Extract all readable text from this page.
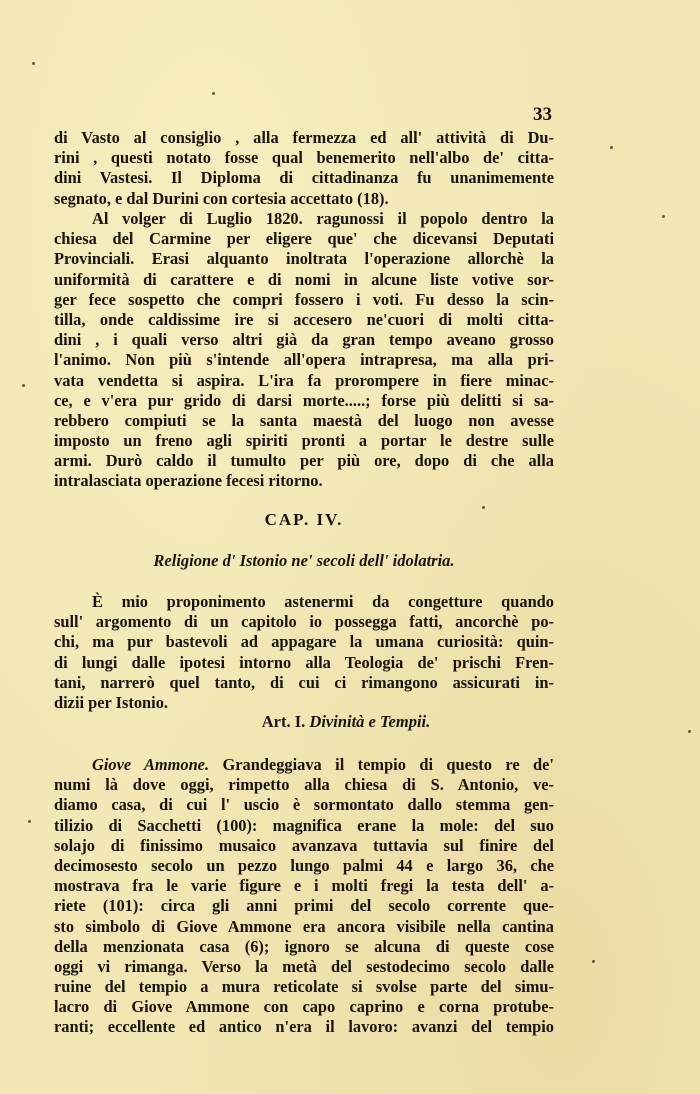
33
di Vasto al consiglio , alla fermezza ed all' attività di Du-
rini , questi notato fosse qual benemerito nell'albo de' citta-
dini Vastesi. Il Diploma di cittadinanza fu unanimemente
segnato, e dal Durini con cortesia accettato (18).
Al volger di Luglio 1820. ragunossi il popolo dentro la
chiesa del Carmine per eligere que' che dicevansi Deputati
Provinciali. Erasi alquanto inoltrata l'operazione allorchè la
uniformità di carattere e di nomi in alcune liste votive sor-
ger fece sospetto che compri fossero i voti. Fu desso la scin-
tilla, onde caldissime ire si accesero ne'cuori di molti citta-
dini , i quali verso altri già da gran tempo aveano grosso
l'animo. Non più s'intende all'opera intrapresa, ma alla pri-
vata vendetta si aspira. L'ira fa prorompere in fiere minac-
ce, e v'era pur grido di darsi morte.....; forse più delitti si sa-
rebbero compiuti se la santa maestà del luogo non avesse
imposto un freno agli spiriti pronti a portar le destre sulle
armi. Durò caldo il tumulto per più ore, dopo di che alla
intralasciata operazione fecesi ritorno.
CAP. IV.
Religione d' Istonio ne' secoli dell' idolatria.
È mio proponimento astenermi da congetture quando
sull' argomento di un capitolo io possegga fatti, ancorchè po-
chi, ma pur bastevoli ad appagare la umana curiosità: quin-
di lungi dalle ipotesi intorno alla Teologia de' prischi Fren-
tani, narrerò quel tanto, di cui ci rimangono assicurati in-
dizii per Istonio.
Art. I. Divinità e Tempii.
Giove Ammone. Grandeggiava il tempio di questo re de'
numi là dove oggi, rimpetto alla chiesa di S. Antonio, ve-
diamo casa, di cui l' uscio è sormontato dallo stemma gen-
tilizio di Sacchetti (100): magnifica erane la mole: del suo
solajo di finissimo musaico avanzava tuttavia sul finire del
decimosesto secolo un pezzo lungo palmi 44 e largo 36, che
mostrava fra le varie figure e i molti fregi la testa dell' a-
riete (101): circa gli anni primi del secolo corrente que-
sto simbolo di Giove Ammone era ancora visibile nella cantina
della menzionata casa (6); ignoro se alcuna di queste cose
oggi vi rimanga. Verso la metà del sestodecimo secolo dalle
ruine del tempio a mura reticolate si svolse parte del simu-
lacro di Giove Ammone con capo caprino e corna protube-
ranti; eccellente ed antico n'era il lavoro: avanzi del tempio
